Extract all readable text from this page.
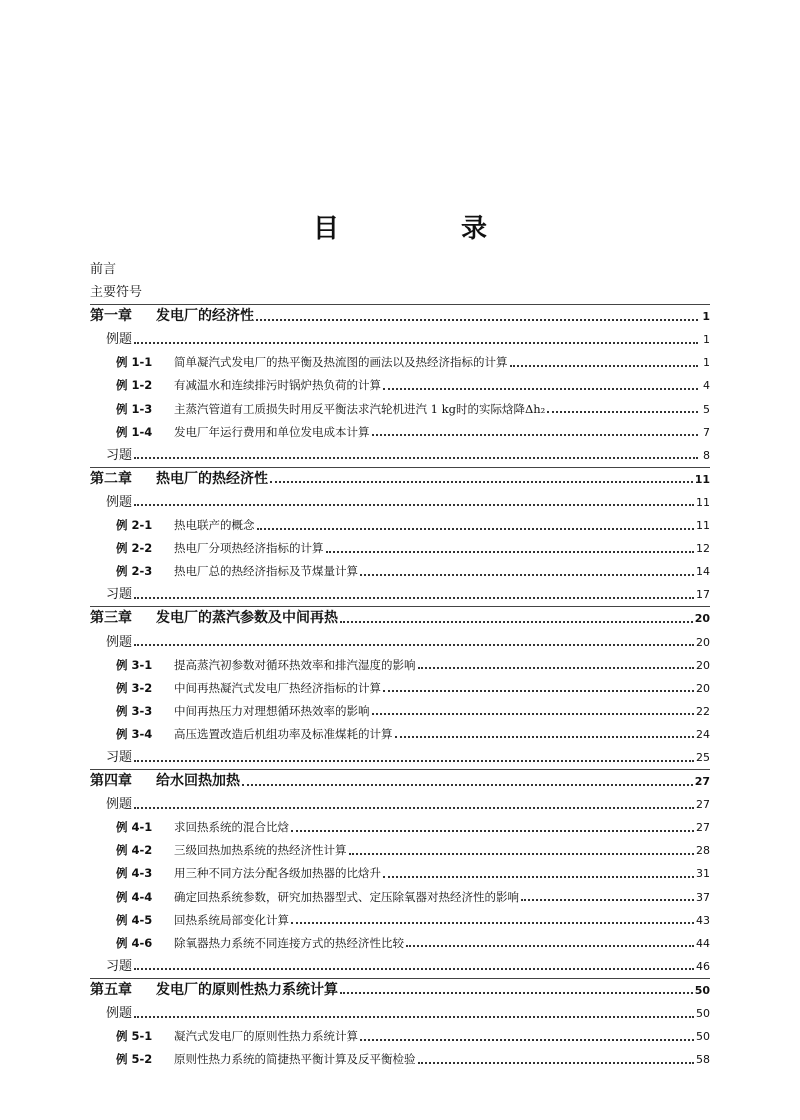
目　录
前言
主要符号
第一章 发电厂的经济性	1
例题	1
例 1-1 简单凝汽式发电厂的热平衡及热流图的画法以及热经济指标的计算	1
例 1-2 有减温水和连续排污时锅炉热负荷的计算	4
例 1-3 主蒸汽管道有工质损失时用反平衡法求汽轮机进汽 1 kg时的实际焓降Δh₂	5
例 1-4 发电厂年运行费用和单位发电成本计算	7
习题	8
第二章 热电厂的热经济性	11
例题	11
例 2-1 热电联产的概念	11
例 2-2 热电厂分项热经济指标的计算	12
例 2-3 热电厂总的热经济指标及节煤量计算	14
习题	17
第三章 发电厂的蒸汽参数及中间再热	20
例题	20
例 3-1 提高蒸汽初参数对循环热效率和排汽湿度的影响	20
例 3-2 中间再热凝汽式发电厂热经济指标的计算	20
例 3-3 中间再热压力对理想循环热效率的影响	22
例 3-4 高压选置改造后机组功率及标准煤耗的计算	24
习题	25
第四章 给水回热加热	27
例题	27
例 4-1 求回热系统的混合比焓	27
例 4-2 三级回热加热系统的热经济性计算	28
例 4-3 用三种不同方法分配各级加热器的比焓升	31
例 4-4 确定回热系统参数，研究加热器型式、定压除氧器对热经济性的影响	37
例 4-5 回热系统局部变化计算	43
例 4-6 除氧器热力系统不同连接方式的热经济性比较	44
习题	46
第五章 发电厂的原则性热力系统计算	50
例题	50
例 5-1 凝汽式发电厂的原则性热力系统计算	50
例 5-2 原则性热力系统的简捷热平衡计算及反平衡检验	58
